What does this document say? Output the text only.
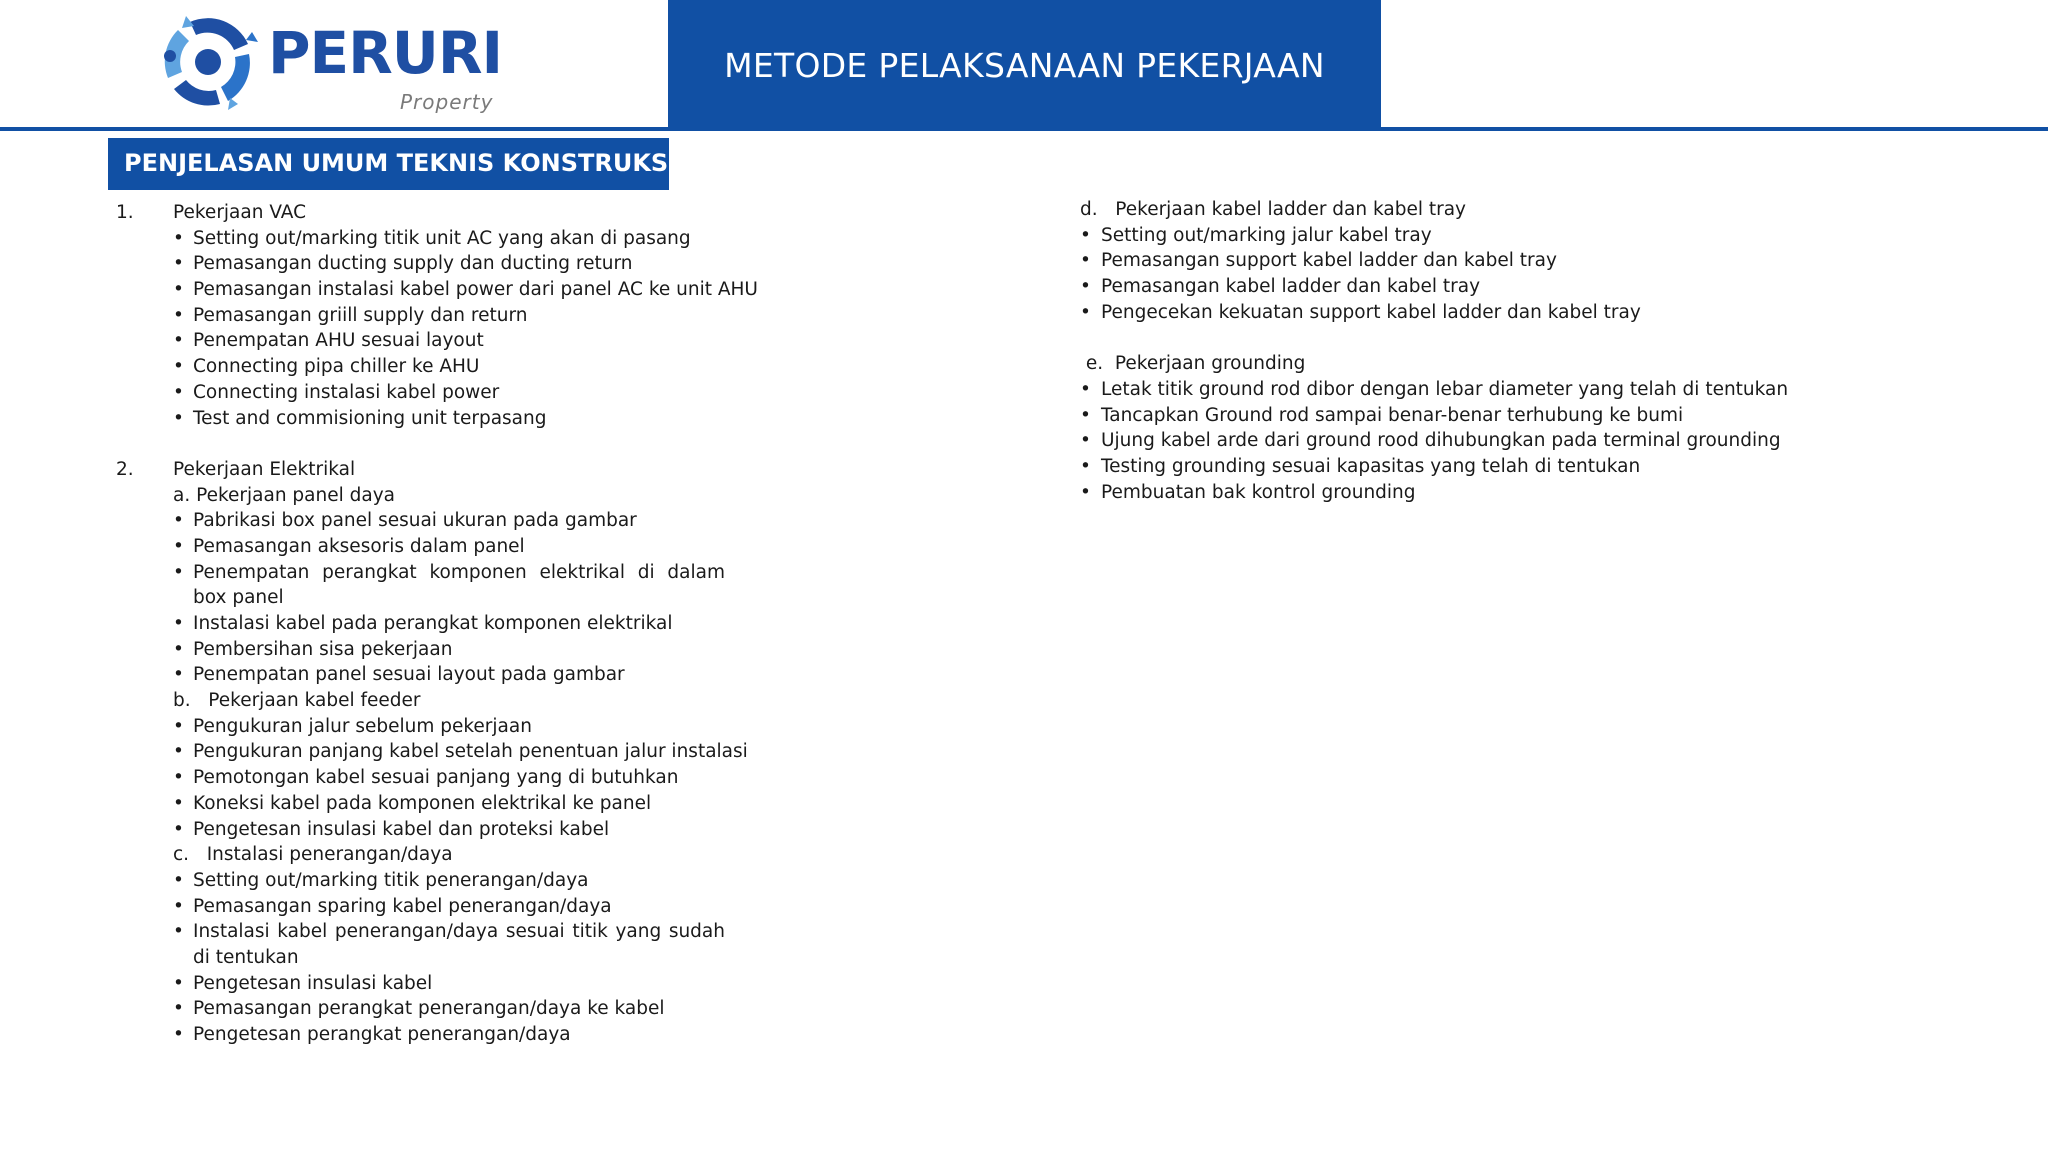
PERURI
Property
METODE PELAKSANAAN PEKERJAAN
PENJELASAN UMUM TEKNIS KONSTRUKSI
1. Pekerjaan VAC
• Setting out/marking titik unit AC yang akan di pasang
• Pemasangan ducting supply dan ducting return
• Pemasangan instalasi kabel power dari panel AC ke unit AHU
• Pemasangan griill supply dan return
• Penempatan AHU sesuai layout
• Connecting pipa chiller ke AHU
• Connecting instalasi kabel power
• Test and commisioning unit terpasang
2. Pekerjaan Elektrikal
a. Pekerjaan panel daya
• Pabrikasi box panel sesuai ukuran pada gambar
• Pemasangan aksesoris dalam panel
• Penempatan perangkat komponen elektrikal di dalam box panel
• Instalasi kabel pada perangkat komponen elektrikal
• Pembersihan sisa pekerjaan
• Penempatan panel sesuai layout pada gambar
b.   Pekerjaan kabel feeder
• Pengukuran jalur sebelum pekerjaan
• Pengukuran panjang kabel setelah penentuan jalur instalasi
• Pemotongan kabel sesuai panjang yang di butuhkan
• Koneksi kabel pada komponen elektrikal ke panel
• Pengetesan insulasi kabel dan proteksi kabel
c.   Instalasi penerangan/daya
• Setting out/marking titik penerangan/daya
• Pemasangan sparing kabel penerangan/daya
• Instalasi kabel penerangan/daya sesuai titik yang sudah di tentukan
• Pengetesan insulasi kabel
• Pemasangan perangkat penerangan/daya ke kabel
• Pengetesan perangkat penerangan/daya
d.   Pekerjaan kabel ladder dan kabel tray
• Setting out/marking jalur kabel tray
• Pemasangan support kabel ladder dan kabel tray
• Pemasangan kabel ladder dan kabel tray
• Pengecekan kekuatan support kabel ladder dan kabel tray
e.  Pekerjaan grounding
• Letak titik ground rod dibor dengan lebar diameter yang telah di tentukan
• Tancapkan Ground rod sampai benar-benar terhubung ke bumi
• Ujung kabel arde dari ground rood dihubungkan pada terminal grounding
• Testing grounding sesuai kapasitas yang telah di tentukan
• Pembuatan bak kontrol grounding
